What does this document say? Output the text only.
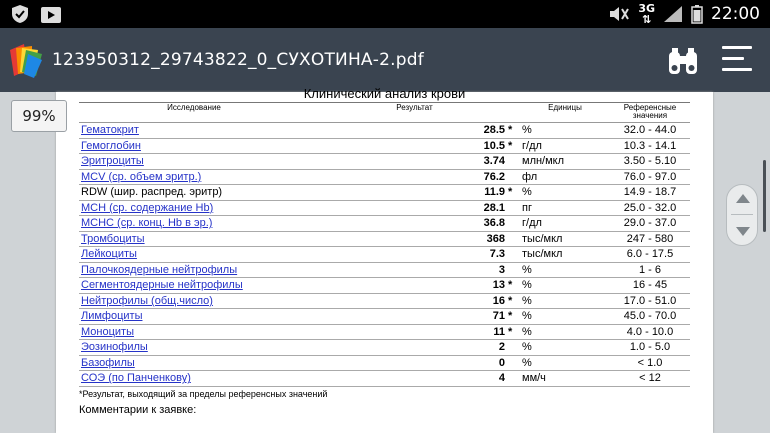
3G
⇅	22:00
123950312_29743822_0_СУХОТИНА-2.pdf
Клинический анализ крови
Исследование	Результат		Единицы	Референсные значения
Гематокрит	28.5	*	%	32.0 - 44.0
Гемоглобин	10.5	*	г/дл	10.3 - 14.1
Эритроциты	3.74		млн/мкл	3.50 - 5.10
MCV (ср. объем эритр.)	76.2		фл	76.0 - 97.0
RDW (шир. распред. эритр)	11.9	*	%	14.9 - 18.7
MCH (ср. содержание Hb)	28.1		пг	25.0 - 32.0
MCHC (ср. конц. Hb в эр.)	36.8		г/дл	29.0 - 37.0
Тромбоциты	368		тыс/мкл	247 - 580
Лейкоциты	7.3		тыс/мкл	6.0 - 17.5
Палочкоядерные нейтрофилы	3		%	1 - 6
Сегментоядерные нейтрофилы	13	*	%	16 - 45
Нейтрофилы (общ.число)	16	*	%	17.0 - 51.0
Лимфоциты	71	*	%	45.0 - 70.0
Моноциты	11	*	%	4.0 - 10.0
Эозинофилы	2		%	1.0 - 5.0
Базофилы	0		%	< 1.0
СОЭ (по Панченкову)	4		мм/ч	< 12
*Результат, выходящий за пределы референсных значений
Комментарии к заявке:
99%
